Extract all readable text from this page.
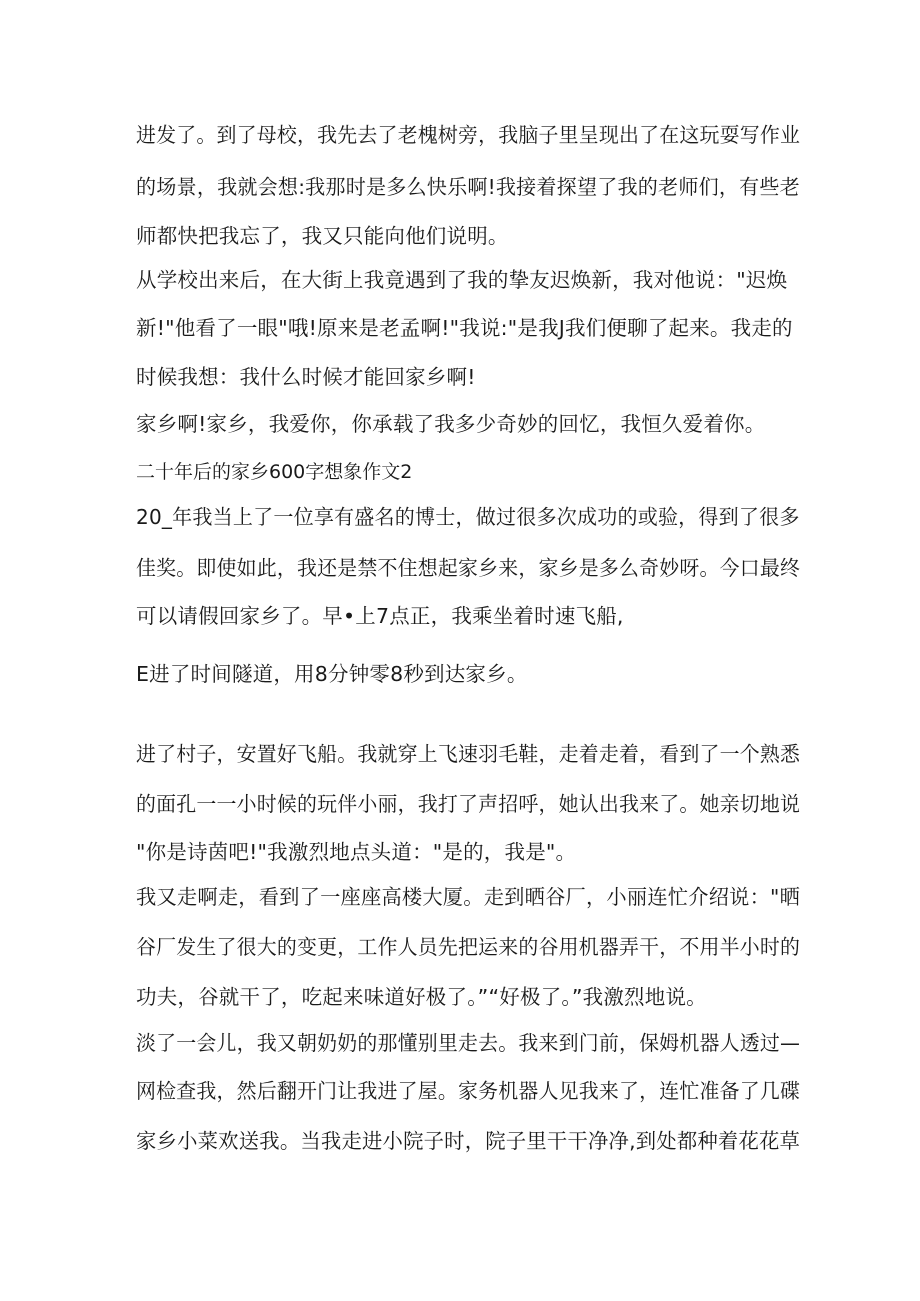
进发了。到了母校，我先去了老槐树旁，我脑子里呈现出了在这玩耍写作业
的场景，我就会想:我那时是多么快乐啊!我接着探望了我的老师们，有些老
师都快把我忘了，我又只能向他们说明。
从学校出来后，在大街上我竟遇到了我的挚友迟焕新，我对他说："迟焕
新!"他看了一眼"哦!原来是老孟啊!"我说:"是我J我们便聊了起来。我走的
时候我想：我什么时候才能回家乡啊!
家乡啊!家乡，我爱你，你承载了我多少奇妙的回忆，我恒久爱着你。
二十年后的家乡600字想象作文2
20_年我当上了一位享有盛名的博士，做过很多次成功的或验，得到了很多
佳奖。即使如此，我还是禁不住想起家乡来，家乡是多么奇妙呀。今口最终
可以请假回家乡了。早•上7点正，我乘坐着时速飞船,
E进了时间隧道，用8分钟零8秒到达家乡。
进了村子，安置好飞船。我就穿上飞速羽毛鞋，走着走着，看到了一个熟悉
的面孔一一小时候的玩伴小丽，我打了声招呼，她认出我来了。她亲切地说
"你是诗茵吧!"我激烈地点头道："是的，我是"。
我又走啊走，看到了一座座高楼大厦。走到晒谷厂，小丽连忙介绍说："晒
谷厂发生了很大的变更，工作人员先把运来的谷用机器弄干，不用半小时的
功夫，谷就干了，吃起来味道好极了。”“好极了。”我激烈地说。
淡了一会儿，我又朝奶奶的那懂别里走去。我来到门前，保姆机器人透过—
网检查我，然后翻开门让我进了屋。家务机器人见我来了，连忙准备了几碟
家乡小菜欢送我。当我走进小院子时，院子里干干净净,到处都种着花花草
